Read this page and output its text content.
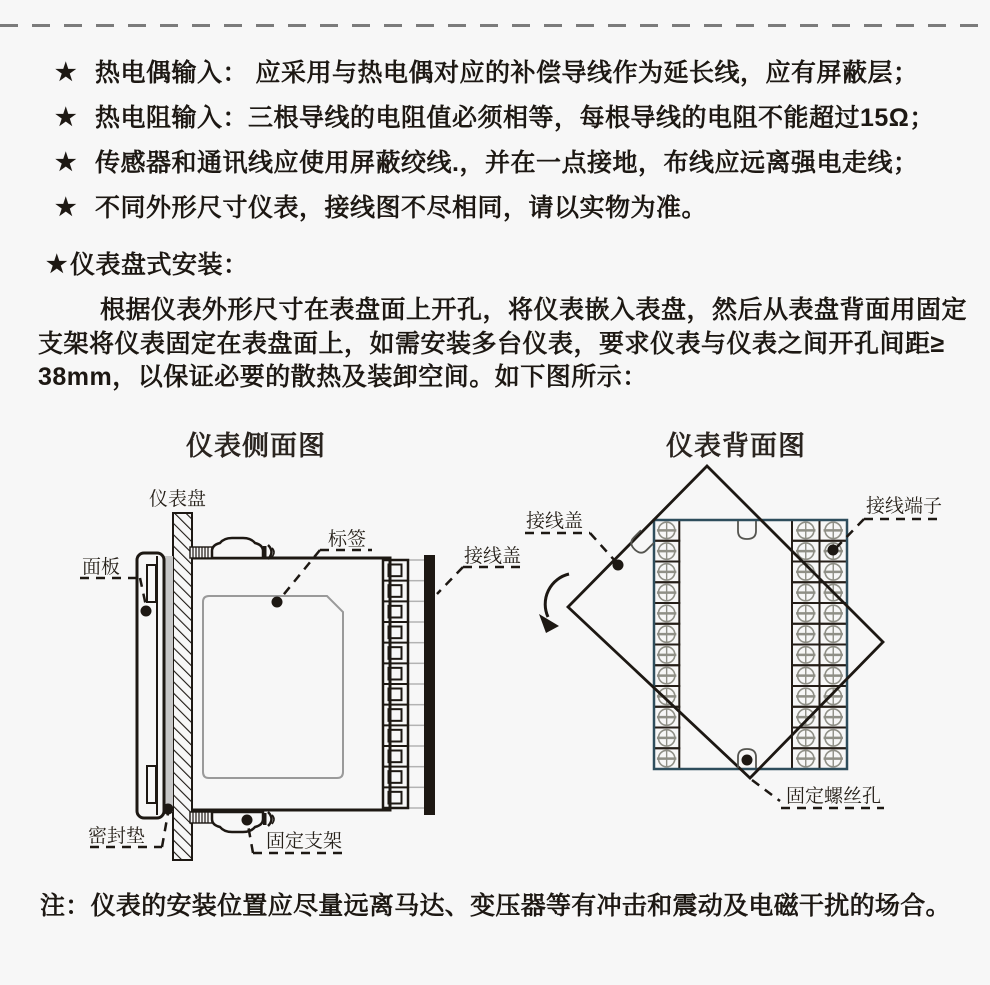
★ 热电偶输入： 应采用与热电偶对应的补偿导线作为延长线，应有屏蔽层；
★ 热电阻输入：三根导线的电阻值必须相等，每根导线的电阻不能超过15Ω；
★ 传感器和通讯线应使用屏蔽绞线.，并在一点接地，布线应远离强电走线；
★ 不同外形尺寸仪表，接线图不尽相同，请以实物为准。
★ 仪表盘式安装：
根据仪表外形尺寸在表盘面上开孔，将仪表嵌入表盘，然后从表盘背面用固定
支架将仪表固定在表盘面上，如需安装多台仪表，要求仪表与仪表之间开孔间距≥
38mm，以保证必要的散热及装卸空间。如下图所示：
仪表侧面图	仪表背面图
仪表盘
面板
标签
接线盖
密封垫	固定支架
接线盖
接线端子
固定螺丝孔
注：仪表的安装位置应尽量远离马达、变压器等有冲击和震动及电磁干扰的场合。
